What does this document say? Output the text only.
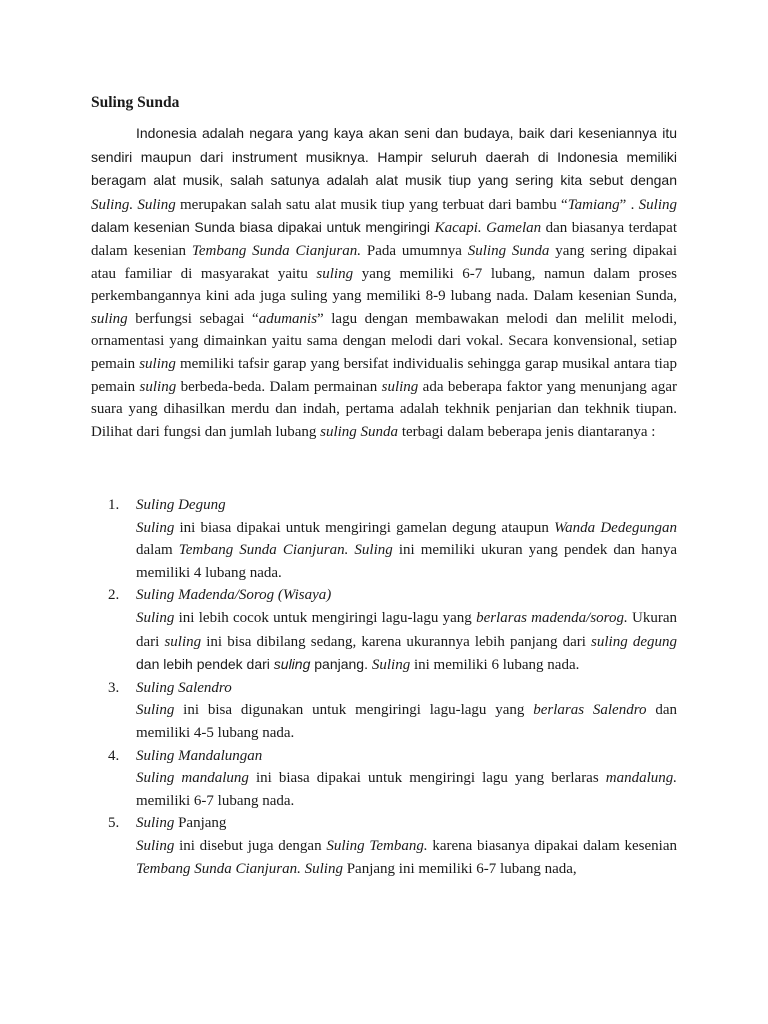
Suling Sunda

Indonesia adalah negara yang kaya akan seni dan budaya, baik dari keseniannya itu sendiri maupun dari instrument musiknya. Hampir seluruh daerah di Indonesia memiliki beragam alat musik, salah satunya adalah alat musik tiup yang sering kita sebut dengan Suling. Suling merupakan salah satu alat musik tiup yang terbuat dari bambu “Tamiang” . Suling dalam kesenian Sunda biasa dipakai untuk mengiringi Kacapi. Gamelan dan biasanya terdapat dalam kesenian Tembang Sunda Cianjuran. Pada umumnya Suling Sunda yang sering dipakai atau familiar di masyarakat yaitu suling yang memiliki 6-7 lubang, namun dalam proses perkembangannya kini ada juga suling yang memiliki 8-9 lubang nada. Dalam kesenian Sunda, suling berfungsi sebagai “adumanis” lagu dengan membawakan melodi dan melilit melodi, ornamentasi yang dimainkan yaitu sama dengan melodi dari vokal. Secara konvensional, setiap pemain suling memiliki tafsir garap yang bersifat individualis sehingga garap musikal antara tiap pemain suling berbeda-beda. Dalam permainan suling ada beberapa faktor yang menunjang agar suara yang dihasilkan merdu dan indah, pertama adalah tekhnik penjarian dan tekhnik tiupan. Dilihat dari fungsi dan jumlah lubang suling Sunda terbagi dalam beberapa jenis diantaranya :

1. Suling Degung
Suling ini biasa dipakai untuk mengiringi gamelan degung ataupun Wanda Dedegungan dalam Tembang Sunda Cianjuran. Suling ini memiliki ukuran yang pendek dan hanya memiliki 4 lubang nada.
2. Suling Madenda/Sorog (Wisaya)
Suling ini lebih cocok untuk mengiringi lagu-lagu yang berlaras madenda/sorog. Ukuran dari suling ini bisa dibilang sedang, karena ukurannya lebih panjang dari suling degung dan lebih pendek dari suling panjang. Suling ini memiliki 6 lubang nada.
3. Suling Salendro
Suling ini bisa digunakan untuk mengiringi lagu-lagu yang berlaras Salendro dan memiliki 4-5 lubang nada.
4. Suling Mandalungan
Suling mandalung ini biasa dipakai untuk mengiringi lagu yang berlaras mandalung. memiliki 6-7 lubang nada.
5. Suling Panjang
Suling ini disebut juga dengan Suling Tembang. karena biasanya dipakai dalam kesenian Tembang Sunda Cianjuran. Suling Panjang ini memiliki 6-7 lubang nada,
